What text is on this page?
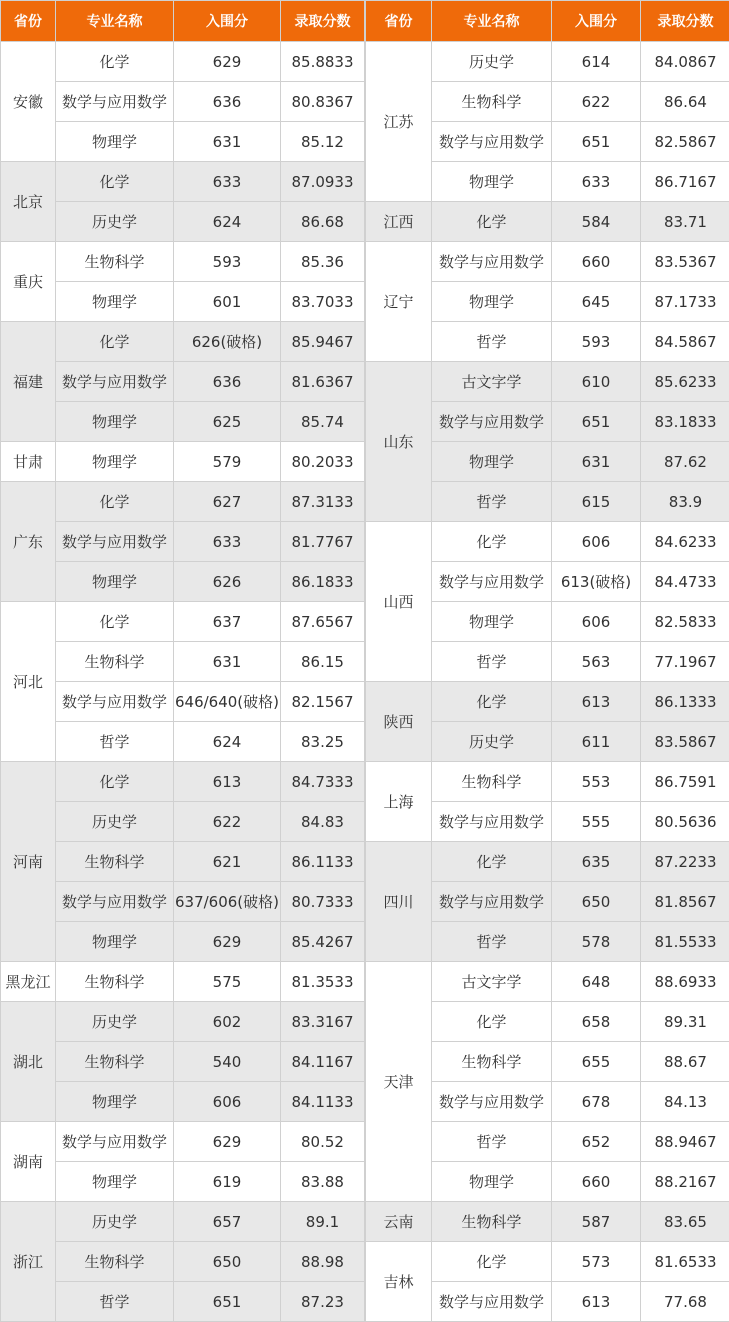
省份	专业名称	入围分	录取分数
安徽	化学	629	85.8833
	数学与应用数学	636	80.8367
	物理学	631	85.12
北京	化学	633	87.0933
	历史学	624	86.68
重庆	生物科学	593	85.36
	物理学	601	83.7033
福建	化学	626(破格)	85.9467
	数学与应用数学	636	81.6367
	物理学	625	85.74
甘肃	物理学	579	80.2033
广东	化学	627	87.3133
	数学与应用数学	633	81.7767
	物理学	626	86.1833
河北	化学	637	87.6567
	生物科学	631	86.15
	数学与应用数学	646/640(破格)	82.1567
	哲学	624	83.25
河南	化学	613	84.7333
	历史学	622	84.83
	生物科学	621	86.1133
	数学与应用数学	637/606(破格)	80.7333
	物理学	629	85.4267
黑龙江	生物科学	575	81.3533
湖北	历史学	602	83.3167
	生物科学	540	84.1167
	物理学	606	84.1133
湖南	数学与应用数学	629	80.52
	物理学	619	83.88
浙江	历史学	657	89.1
	生物科学	650	88.98
	哲学	651	87.23
省份	专业名称	入围分	录取分数
江苏	历史学	614	84.0867
	生物科学	622	86.64
	数学与应用数学	651	82.5867
	物理学	633	86.7167
江西	化学	584	83.71
辽宁	数学与应用数学	660	83.5367
	物理学	645	87.1733
	哲学	593	84.5867
山东	古文字学	610	85.6233
	数学与应用数学	651	83.1833
	物理学	631	87.62
	哲学	615	83.9
山西	化学	606	84.6233
	数学与应用数学	613(破格)	84.4733
	物理学	606	82.5833
	哲学	563	77.1967
陕西	化学	613	86.1333
	历史学	611	83.5867
上海	生物科学	553	86.7591
	数学与应用数学	555	80.5636
四川	化学	635	87.2233
	数学与应用数学	650	81.8567
	哲学	578	81.5533
天津	古文字学	648	88.6933
	化学	658	89.31
	生物科学	655	88.67
	数学与应用数学	678	84.13
	哲学	652	88.9467
	物理学	660	88.2167
云南	生物科学	587	83.65
吉林	化学	573	81.6533
	数学与应用数学	613	77.68
